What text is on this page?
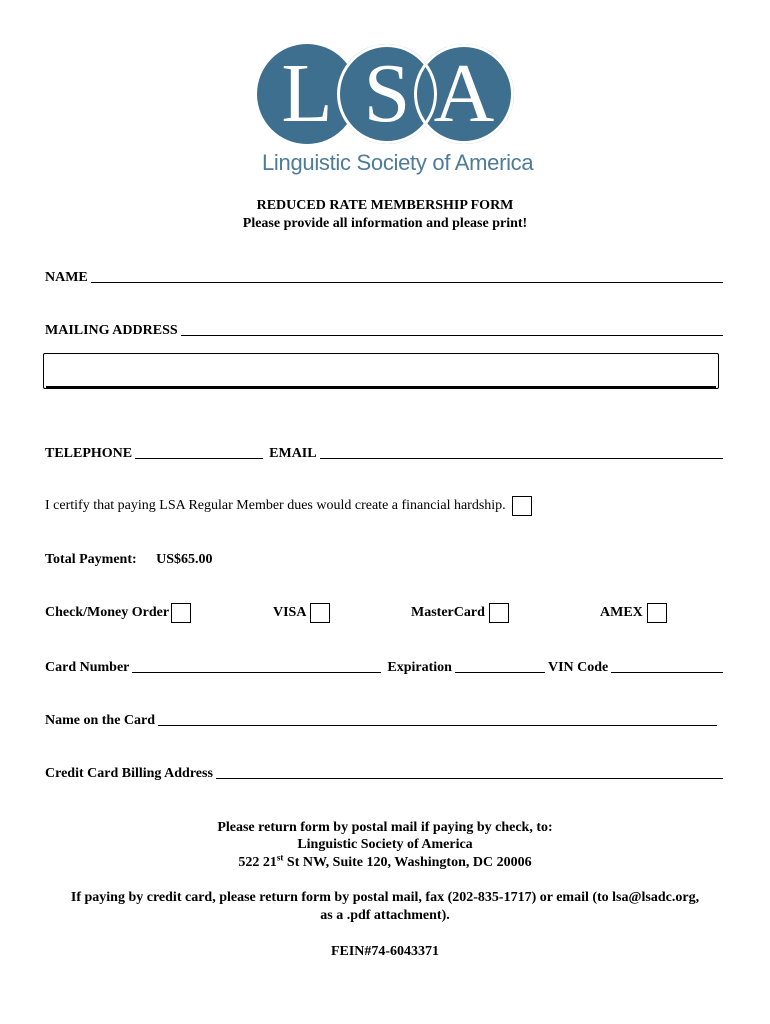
L S A
Linguistic Society of America
REDUCED RATE MEMBERSHIP FORM
Please provide all information and please print!
NAME
MAILING ADDRESS
TELEPHONE	EMAIL
I certify that paying LSA Regular Member dues would create a financial hardship.
Total Payment: US$65.00
Check/Money Order	VISA	MasterCard	AMEX
Card Number	Expiration	VIN Code
Name on the Card
Credit Card Billing Address
Please return form by postal mail if paying by check, to:
Linguistic Society of America
522 21st St NW, Suite 120, Washington, DC 20006
If paying by credit card, please return form by postal mail, fax (202-835-1717) or email (to lsa@lsadc.org,
as a .pdf attachment).
FEIN#74-6043371
